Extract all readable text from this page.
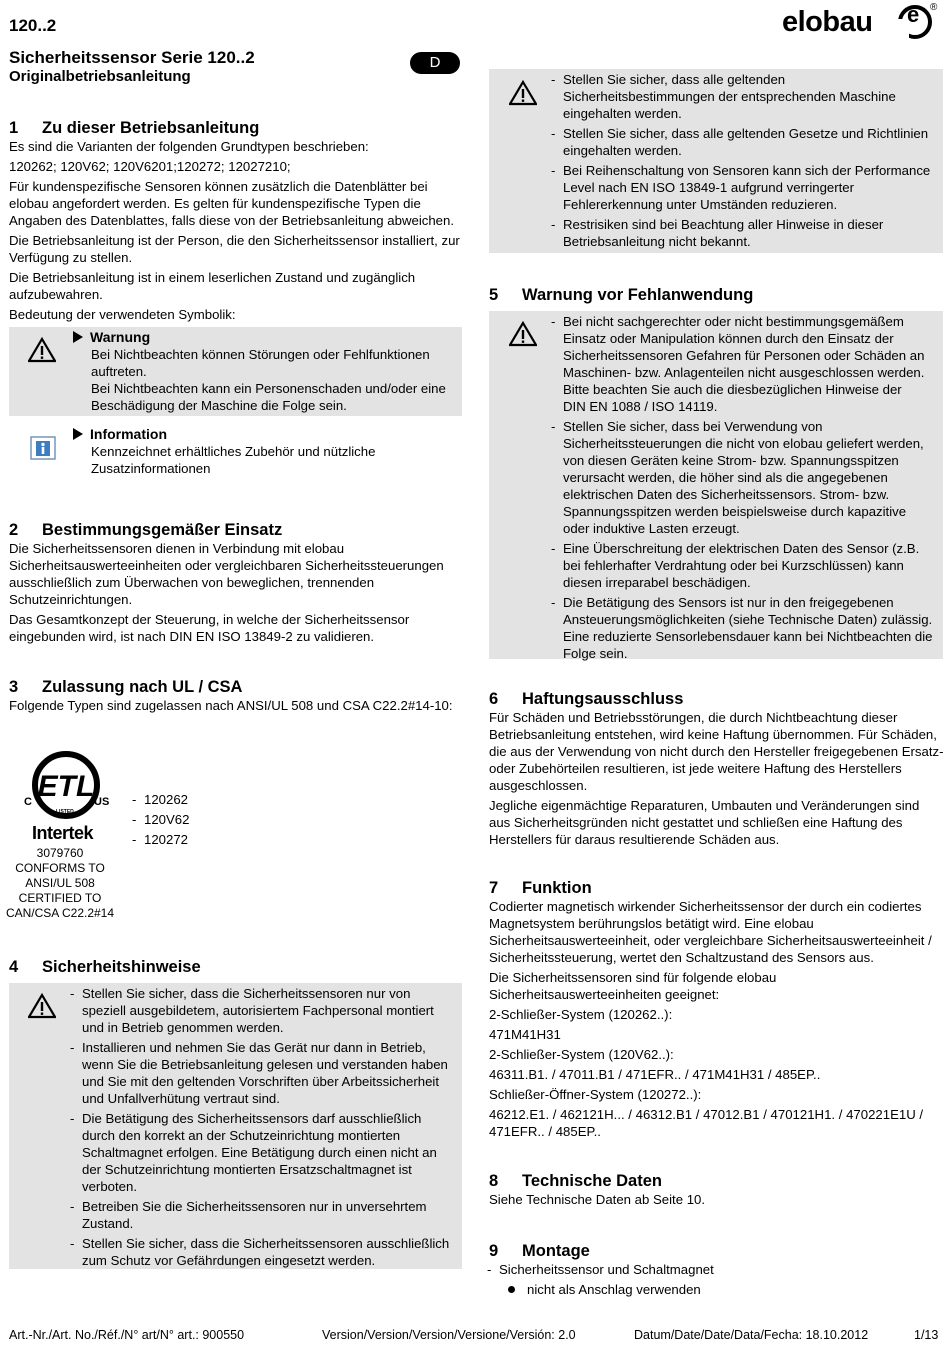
120..2	elobau e ®
Sicherheitssensor Serie 120..2
Originalbetriebsanleitung
D

1 Zu dieser Betriebsanleitung

Es sind die Varianten der folgenden Grundtypen beschrieben:

120262; 120V62; 120V6201;120272; 12027210;

Für kundenspezifische Sensoren können zusätzlich die Datenblätter bei

elobau angefordert werden. Es gelten für kundenspezifische Typen die

Angaben des Datenblattes, falls diese von der Betriebsanleitung abweichen.

Die Betriebsanleitung ist der Person, die den Sicherheitssensor installiert, zur

Verfügung zu stellen.

Die Betriebsanleitung ist in einem leserlichen Zustand und zugänglich

aufzubewahren.

Bedeutung der verwendeten Symbolik:

Warnung

Bei Nichtbeachten können Störungen oder Fehlfunktionen

auftreten.

Bei Nichtbeachten kann ein Personenschaden und/oder eine

Beschädigung der Maschine die Folge sein.

Information

Kennzeichnet erhältliches Zubehör und nützliche

Zusatzinformationen

2 Bestimmungsgemäßer Einsatz

Die Sicherheitssensoren dienen in Verbindung mit elobau

Sicherheitsauswerteeinheiten oder vergleichbaren Sicherheitssteuerungen

ausschließlich zum Überwachen von beweglichen, trennenden

Schutzeinrichtungen.

Das Gesamtkonzept der Steuerung, in welche der Sicherheitssensor

eingebunden wird, ist nach DIN EN ISO 13849-2 zu validieren.

3 Zulassung nach UL / CSA

Folgende Typen sind zugelassen nach ANSI/UL 508 und CSA C22.2#14-10:

ETL
C	US
LISTED
Intertek
3079760
CONFORMS TO
ANSI/UL 508
CERTIFIED TO
CAN/CSA C22.2#14
- 120262
- 120V62
- 120272

4 Sicherheitshinweise

- Stellen Sie sicher, dass die Sicherheitssensoren nur von
speziell ausgebildetem, autorisiertem Fachpersonal montiert
und in Betrieb genommen werden.
- Installieren und nehmen Sie das Gerät nur dann in Betrieb,
wenn Sie die Betriebsanleitung gelesen und verstanden haben
und Sie mit den geltenden Vorschriften über Arbeitssicherheit
und Unfallverhütung vertraut sind.
- Die Betätigung des Sicherheitssensors darf ausschließlich
durch den korrekt an der Schutzeinrichtung montierten
Schaltmagnet erfolgen. Eine Betätigung durch einen nicht an
der Schutzeinrichtung montierten Ersatzschaltmagnet ist
verboten.
- Betreiben Sie die Sicherheitssensoren nur in unversehrtem
Zustand.
- Stellen Sie sicher, dass die Sicherheitssensoren ausschließlich
zum Schutz vor Gefährdungen eingesetzt werden.
- Stellen Sie sicher, dass alle geltenden
Sicherheitsbestimmungen der entsprechenden Maschine
eingehalten werden.
- Stellen Sie sicher, dass alle geltenden Gesetze und Richtlinien
eingehalten werden.
- Bei Reihenschaltung von Sensoren kann sich der Performance
Level nach EN ISO 13849-1 aufgrund verringerter
Fehlererkennung unter Umständen reduzieren.
- Restrisiken sind bei Beachtung aller Hinweise in dieser
Betriebsanleitung nicht bekannt.

5 Warnung vor Fehlanwendung

- Bei nicht sachgerechter oder nicht bestimmungsgemäßem
Einsatz oder Manipulation können durch den Einsatz der
Sicherheitssensoren Gefahren für Personen oder Schäden an
Maschinen- bzw. Anlagenteilen nicht ausgeschlossen werden.
Bitte beachten Sie auch die diesbezüglichen Hinweise der
DIN EN 1088 / ISO 14119.
- Stellen Sie sicher, dass bei Verwendung von
Sicherheitssteuerungen die nicht von elobau geliefert werden,
von diesen Geräten keine Strom- bzw. Spannungsspitzen
verursacht werden, die höher sind als die angegebenen
elektrischen Daten des Sicherheitssensors. Strom- bzw.
Spannungsspitzen werden beispielsweise durch kapazitive
oder induktive Lasten erzeugt.
- Eine Überschreitung der elektrischen Daten des Sensor (z.B.
bei fehlerhafter Verdrahtung oder bei Kurzschlüssen) kann
diesen irreparabel beschädigen.
- Die Betätigung des Sensors ist nur in den freigegebenen
Ansteuerungsmöglichkeiten (siehe Technische Daten) zulässig.
Eine reduzierte Sensorlebensdauer kann bei Nichtbeachten die
Folge sein.

6 Haftungsausschluss

Für Schäden und Betriebsstörungen, die durch Nichtbeachtung dieser

Betriebsanleitung entstehen, wird keine Haftung übernommen. Für Schäden,

die aus der Verwendung von nicht durch den Hersteller freigegebenen Ersatz-

oder Zubehörteilen resultieren, ist jede weitere Haftung des Herstellers

ausgeschlossen.

Jegliche eigenmächtige Reparaturen, Umbauten und Veränderungen sind

aus Sicherheitsgründen nicht gestattet und schließen eine Haftung des

Herstellers für daraus resultierende Schäden aus.

7 Funktion

Codierter magnetisch wirkender Sicherheitssensor der durch ein codiertes

Magnetsystem berührungslos betätigt wird. Eine elobau

Sicherheitsauswerteeinheit, oder vergleichbare Sicherheitsauswerteeinheit /

Sicherheitssteuerung, wertet den Schaltzustand des Sensors aus.

Die Sicherheitssensoren sind für folgende elobau

Sicherheitsauswerteeinheiten geeignet:

2-Schließer-System (120262..):

471M41H31

2-Schließer-System (120V62..):

46311.B1. / 47011.B1 / 471EFR.. / 471M41H31 / 485EP..

Schließer-Öffner-System (120272..):

46212.E1. / 462121H... / 46312.B1 / 47012.B1 / 470121H1. / 470221E1U /

471EFR.. / 485EP..

8 Technische Daten

Siehe Technische Daten ab Seite 10.

9 Montage

- Sicherheitssensor und Schaltmagnet
nicht als Anschlag verwenden
Art.-Nr./Art. No./Réf./N° art/N° art.: 900550	Version/Version/Version/Versione/Versión: 2.0	Datum/Date/Date/Data/Fecha: 18.10.2012	1/13
